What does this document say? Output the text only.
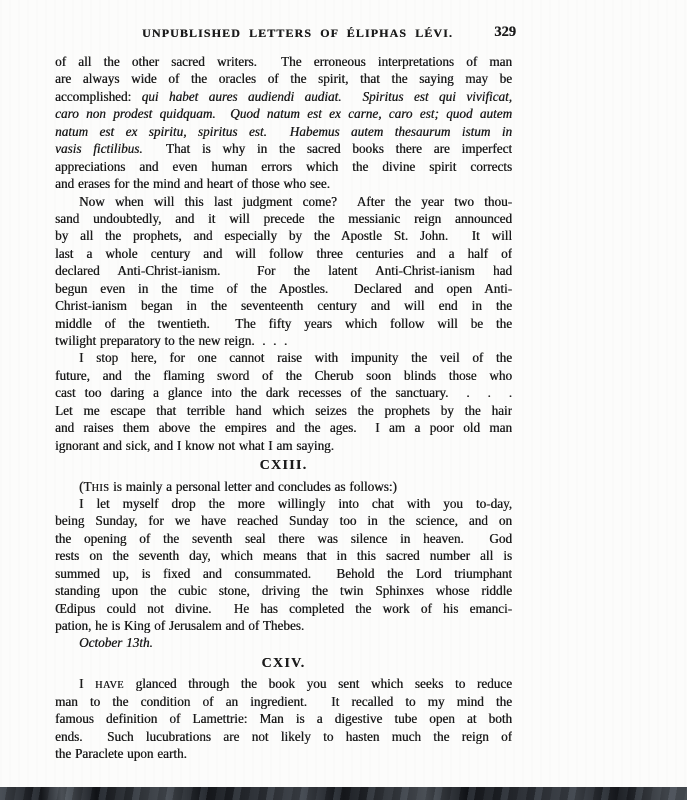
UNPUBLISHED LETTERS OF ÉLIPHAS LÉVI.	329
of all the other sacred writers.  The erroneous interpretations of man
are always wide of the oracles of the spirit, that the saying may be
accomplished: qui habet aures audiendi audiat.  Spiritus est qui vivificat,
caro non prodest quidquam.  Quod natum est ex carne, caro est; quod autem
natum est ex spiritu, spiritus est.  Habemus autem thesaurum istum in
vasis fictilibus.  That is why in the sacred books there are imperfect
appreciations and even human errors which the divine spirit corrects
and erases for the mind and heart of those who see.
Now when will this last judgment come?  After the year two thou-
sand undoubtedly, and it will precede the messianic reign announced
by all the prophets, and especially by the Apostle St. John.  It will
last a whole century and will follow three centuries and a half of
declared Anti-Christ-ianism.  For the latent Anti-Christ-ianism had
begun even in the time of the Apostles.  Declared and open Anti-
Christ-ianism began in the seventeenth century and will end in the
middle of the twentieth.  The fifty years which follow will be the
twilight preparatory to the new reign.  .  .  .
I stop here, for one cannot raise with impunity the veil of the
future, and the flaming sword of the Cherub soon blinds those who
cast too daring a glance into the dark recesses of the sanctuary.  .  .  .
Let me escape that terrible hand which seizes the prophets by the hair
and raises them above the empires and the ages.  I am a poor old man
ignorant and sick, and I know not what I am saying.
CXIII.
(THIS is mainly a personal letter and concludes as follows:)
I let myself drop the more willingly into chat with you to-day,
being Sunday, for we have reached Sunday too in the science, and on
the opening of the seventh seal there was silence in heaven.  God
rests on the seventh day, which means that in this sacred number all is
summed up, is fixed and consummated.  Behold the Lord triumphant
standing upon the cubic stone, driving the twin Sphinxes whose riddle
Œdipus could not divine.  He has completed the work of his emanci-
pation, he is King of Jerusalem and of Thebes.
October 13th.
CXIV.
I HAVE glanced through the book you sent which seeks to reduce
man to the condition of an ingredient.  It recalled to my mind the
famous definition of Lamettrie: Man is a digestive tube open at both
ends.  Such lucubrations are not likely to hasten much the reign of
the Paraclete upon earth.
